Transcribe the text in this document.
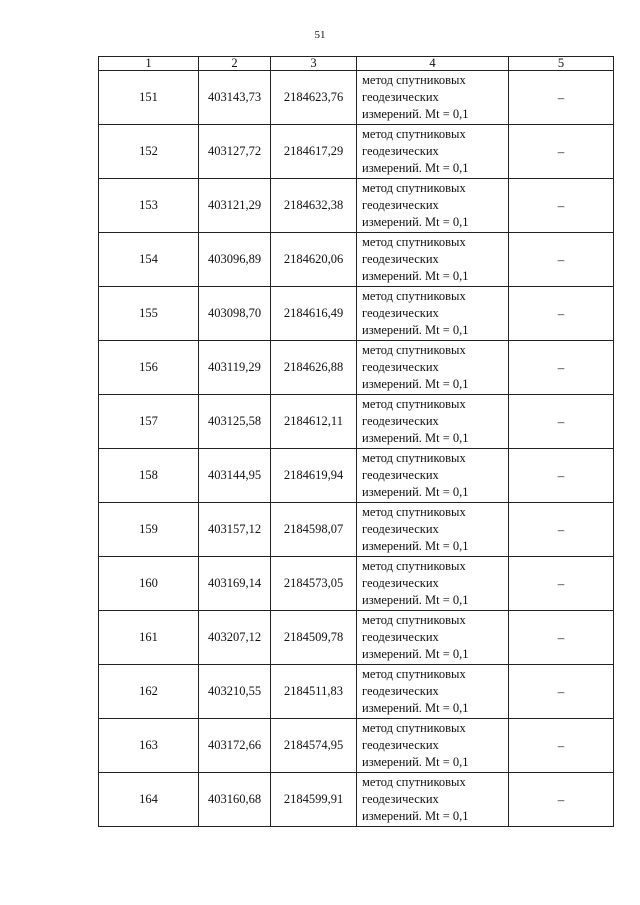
51
1	2	3	4	5
151	403143,73	2184623,76	метод спутниковых
геодезических
измерений. Mt = 0,1	–
152	403127,72	2184617,29	метод спутниковых
геодезических
измерений. Mt = 0,1	–
153	403121,29	2184632,38	метод спутниковых
геодезических
измерений. Mt = 0,1	–
154	403096,89	2184620,06	метод спутниковых
геодезических
измерений. Mt = 0,1	–
155	403098,70	2184616,49	метод спутниковых
геодезических
измерений. Mt = 0,1	–
156	403119,29	2184626,88	метод спутниковых
геодезических
измерений. Mt = 0,1	–
157	403125,58	2184612,11	метод спутниковых
геодезических
измерений. Mt = 0,1	–
158	403144,95	2184619,94	метод спутниковых
геодезических
измерений. Mt = 0,1	–
159	403157,12	2184598,07	метод спутниковых
геодезических
измерений. Mt = 0,1	–
160	403169,14	2184573,05	метод спутниковых
геодезических
измерений. Mt = 0,1	–
161	403207,12	2184509,78	метод спутниковых
геодезических
измерений. Mt = 0,1	–
162	403210,55	2184511,83	метод спутниковых
геодезических
измерений. Mt = 0,1	–
163	403172,66	2184574,95	метод спутниковых
геодезических
измерений. Mt = 0,1	–
164	403160,68	2184599,91	метод спутниковых
геодезических
измерений. Mt = 0,1	–
